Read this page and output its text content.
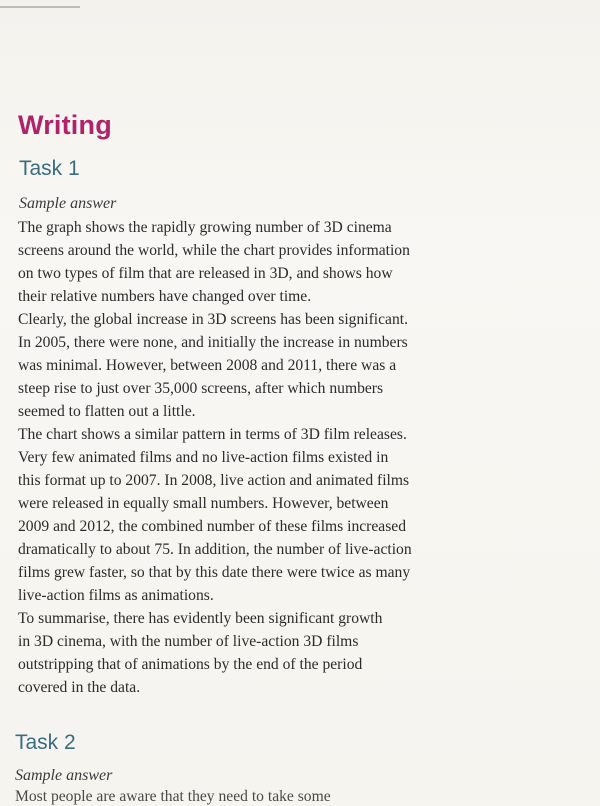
Writing
Task 1
Sample answer
The graph shows the rapidly growing number of 3D cinema
screens around the world, while the chart provides information
on two types of film that are released in 3D, and shows how
their relative numbers have changed over time.
Clearly, the global increase in 3D screens has been significant.
In 2005, there were none, and initially the increase in numbers
was minimal. However, between 2008 and 2011, there was a
steep rise to just over 35,000 screens, after which numbers
seemed to flatten out a little.
The chart shows a similar pattern in terms of 3D film releases.
Very few animated films and no live-action films existed in
this format up to 2007. In 2008, live action and animated films
were released in equally small numbers. However, between
2009 and 2012, the combined number of these films increased
dramatically to about 75. In addition, the number of live-action
films grew faster, so that by this date there were twice as many
live-action films as animations.
To summarise, there has evidently been significant growth
in 3D cinema, with the number of live-action 3D films
outstripping that of animations by the end of the period
covered in the data.
Task 2
Sample answer
Most people are aware that they need to take some
